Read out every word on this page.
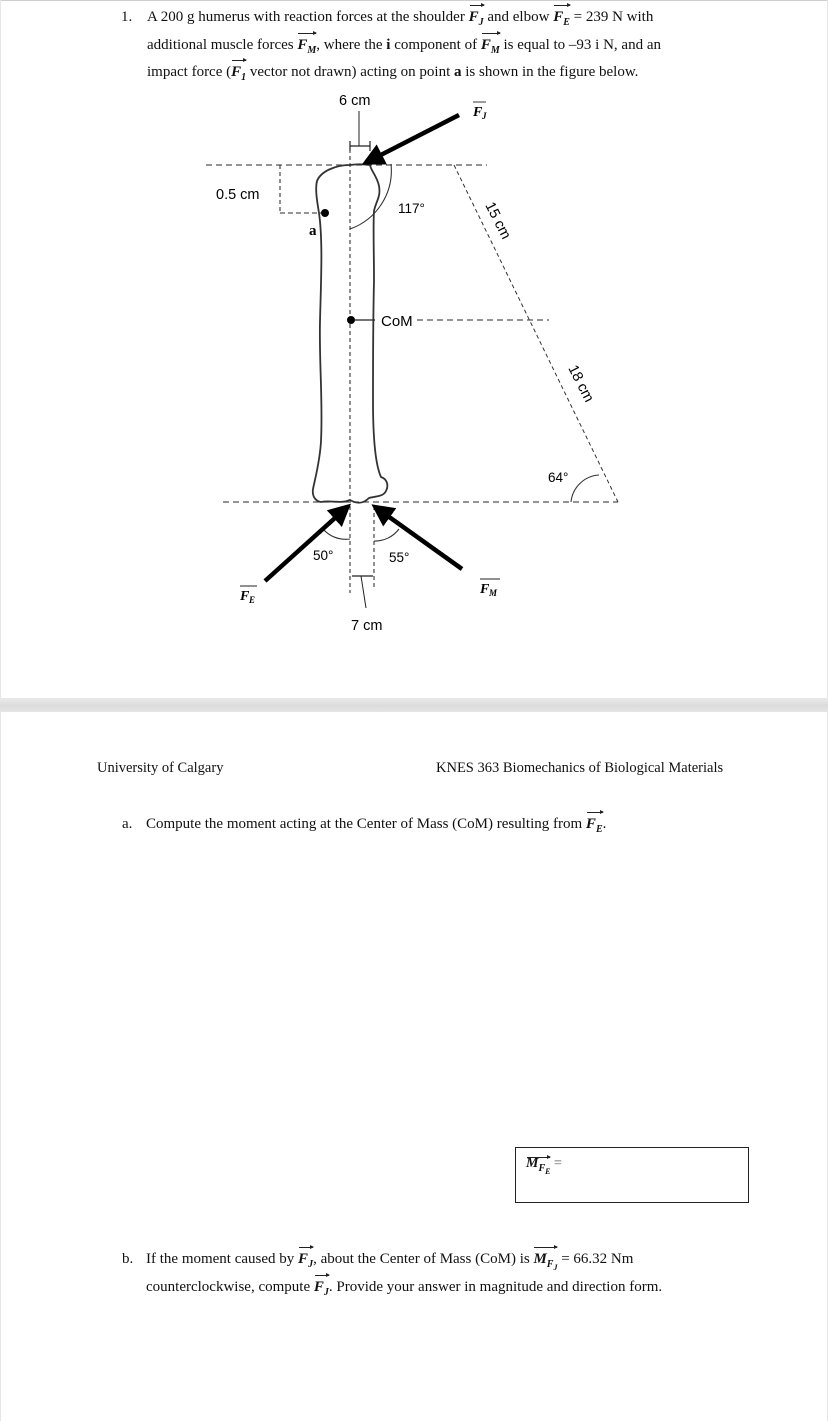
1. A 200 g humerus with reaction forces at the shoulder $F_J$ and elbow $F_E = 239$ N with
additional muscle forces $F_M$, where the i component of $F_M$ is equal to –93 i N, and an
impact force ($F_1$ vector not drawn) acting on point a is shown in the figure below.
6 cm
0.5 cm
117°
a
CoM
15 cm
18 cm
64°
50°	55°
7 cm
F J
F E
F M
University of Calgary	KNES 363 Biomechanics of Biological Materials
a. Compute the moment acting at the Center of Mass (CoM) resulting from $F_E$.
$M_{F_E}$ =
b. If the moment caused by $F_J$, about the Center of Mass (CoM) is $M_{F_J} = 66.32$ Nm
counterclockwise, compute $F_J$. Provide your answer in magnitude and direction form.
